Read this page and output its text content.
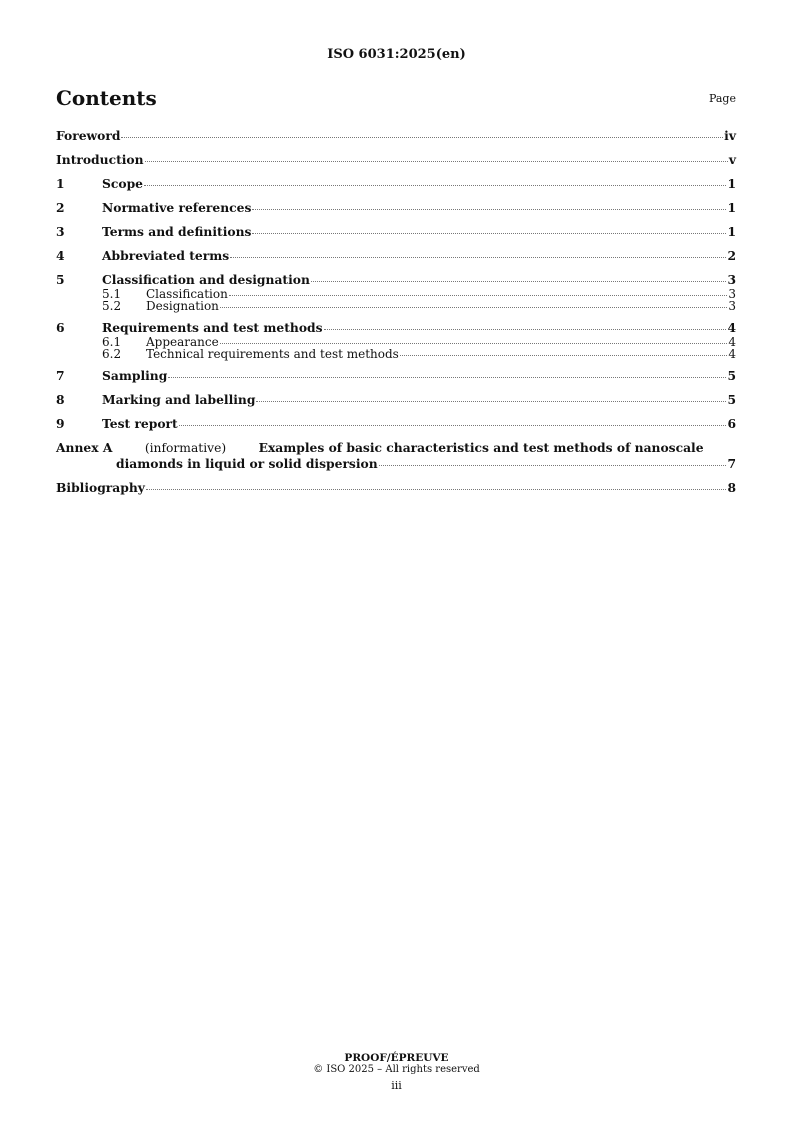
ISO 6031:2025(en)
Contents	Page
Foreword	iv
Introduction	v
1	Scope	1
2	Normative references	1
3	Terms and definitions	1
4	Abbreviated terms	2
5	Classification and designation	3
5.1	Classification	3
5.2	Designation	3
6	Requirements and test methods	4
6.1	Appearance	4
6.2	Technical requirements and test methods	4
7	Sampling	5
8	Marking and labelling	5
9	Test report	6
Annex A	(informative)	Examples of basic characteristics and test methods of nanoscale
diamonds in liquid or solid dispersion	7
Bibliography	8
PROOF/ÉPREUVE
© ISO 2025 – All rights reserved
iii
